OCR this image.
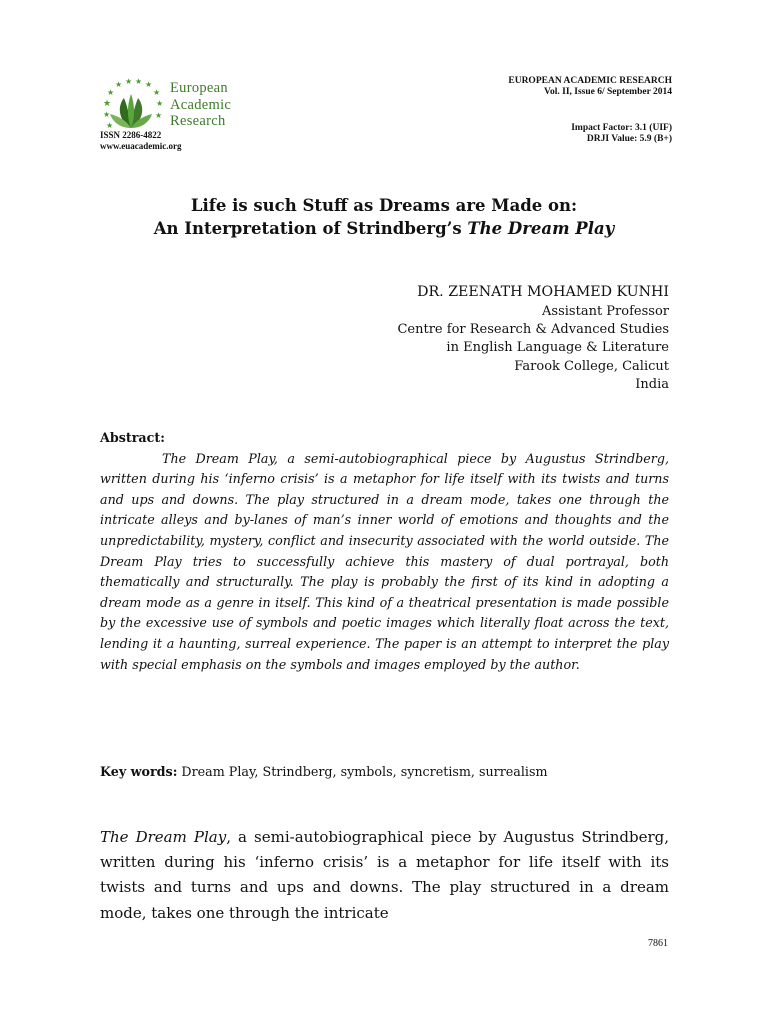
★
★
★ ★ ★ ★
★
★
★
★
★
European
Academic
Research
ISSN 2286-4822
www.euacademic.org
EUROPEAN ACADEMIC RESEARCH
Vol. II, Issue 6/ September 2014
Impact Factor: 3.1 (UIF)
DRJI Value: 5.9 (B+)
Life is such Stuff as Dreams are Made on:
An Interpretation of Strindberg’s The Dream Play
DR. ZEENATH MOHAMED KUNHI
Assistant Professor
Centre for Research & Advanced Studies
in English Language & Literature
Farook College, Calicut
India
Abstract:

The Dream Play, a semi-autobiographical piece by Augustus Strindberg, written during his ‘inferno crisis’ is a metaphor for life itself with its twists and turns and ups and downs. The play structured in a dream mode, takes one through the intricate alleys and by-lanes of man’s inner world of emotions and thoughts and the unpredictability, mystery, conflict and insecurity associated with the world outside. The Dream Play tries to successfully achieve this mastery of dual portrayal, both thematically and structurally. The play is probably the first of its kind in adopting a dream mode as a genre in itself. This kind of a theatrical presentation is made possible by the excessive use of symbols and poetic images which literally float across the text, lending it a haunting, surreal experience. The paper is an attempt to interpret the play with special emphasis on the symbols and images employed by the author.

Key words: Dream Play, Strindberg, symbols, syncretism, surrealism

The Dream Play, a semi-autobiographical piece by Augustus Strindberg, written during his ‘inferno crisis’ is a metaphor for life itself with its twists and turns and ups and downs. The play structured in a dream mode, takes one through the intricate

7861
